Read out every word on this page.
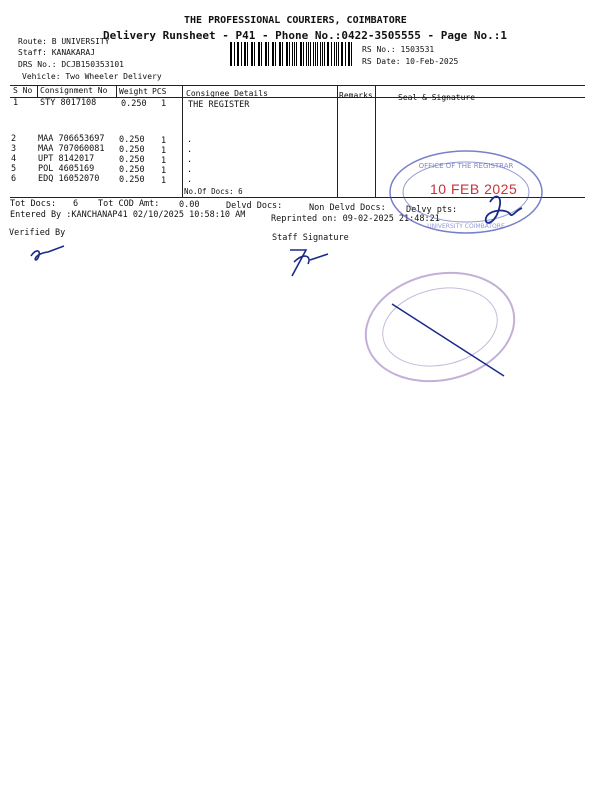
THE PROFESSIONAL COURIERS, COIMBATORE
Delivery Runsheet - P41 - Phone No.:0422-3505555 - Page No.:1
Route: B UNIVERSITY
Staff: KANAKARAJ
DRS No.: DCJB150353101
Vehicle: Two Wheeler Delivery
RS No.: 1503531
RS Date: 10-Feb-2025
S No Consignment No Weight PCS Consignee Details	Remarks	Seal & Signature
1	STY 8017108	0.250 1	THE REGISTER
2	MAA 706653697 0.250 1 .
3	MAA 707060081 0.250 1 .
4	UPT 8142017	0.250 1 .
5	POL 4605169	0.250 1 .
6	EDQ 16052070 0.250 1 .
No.Of Docs: 6
Tot Docs: 6 Tot COD Amt: 0.00	Delvd Docs:	Non Delvd Docs: Delvy pts:
Entered By :KANCHANAP41 02/10/2025 10:58:10 AM	Reprinted on: 09-02-2025 21:48:21
Verified By	Staff Signature
OFFICE OF THE REGISTRAR
UNIVERSITY COIMBATORE
10 FEB 2025
